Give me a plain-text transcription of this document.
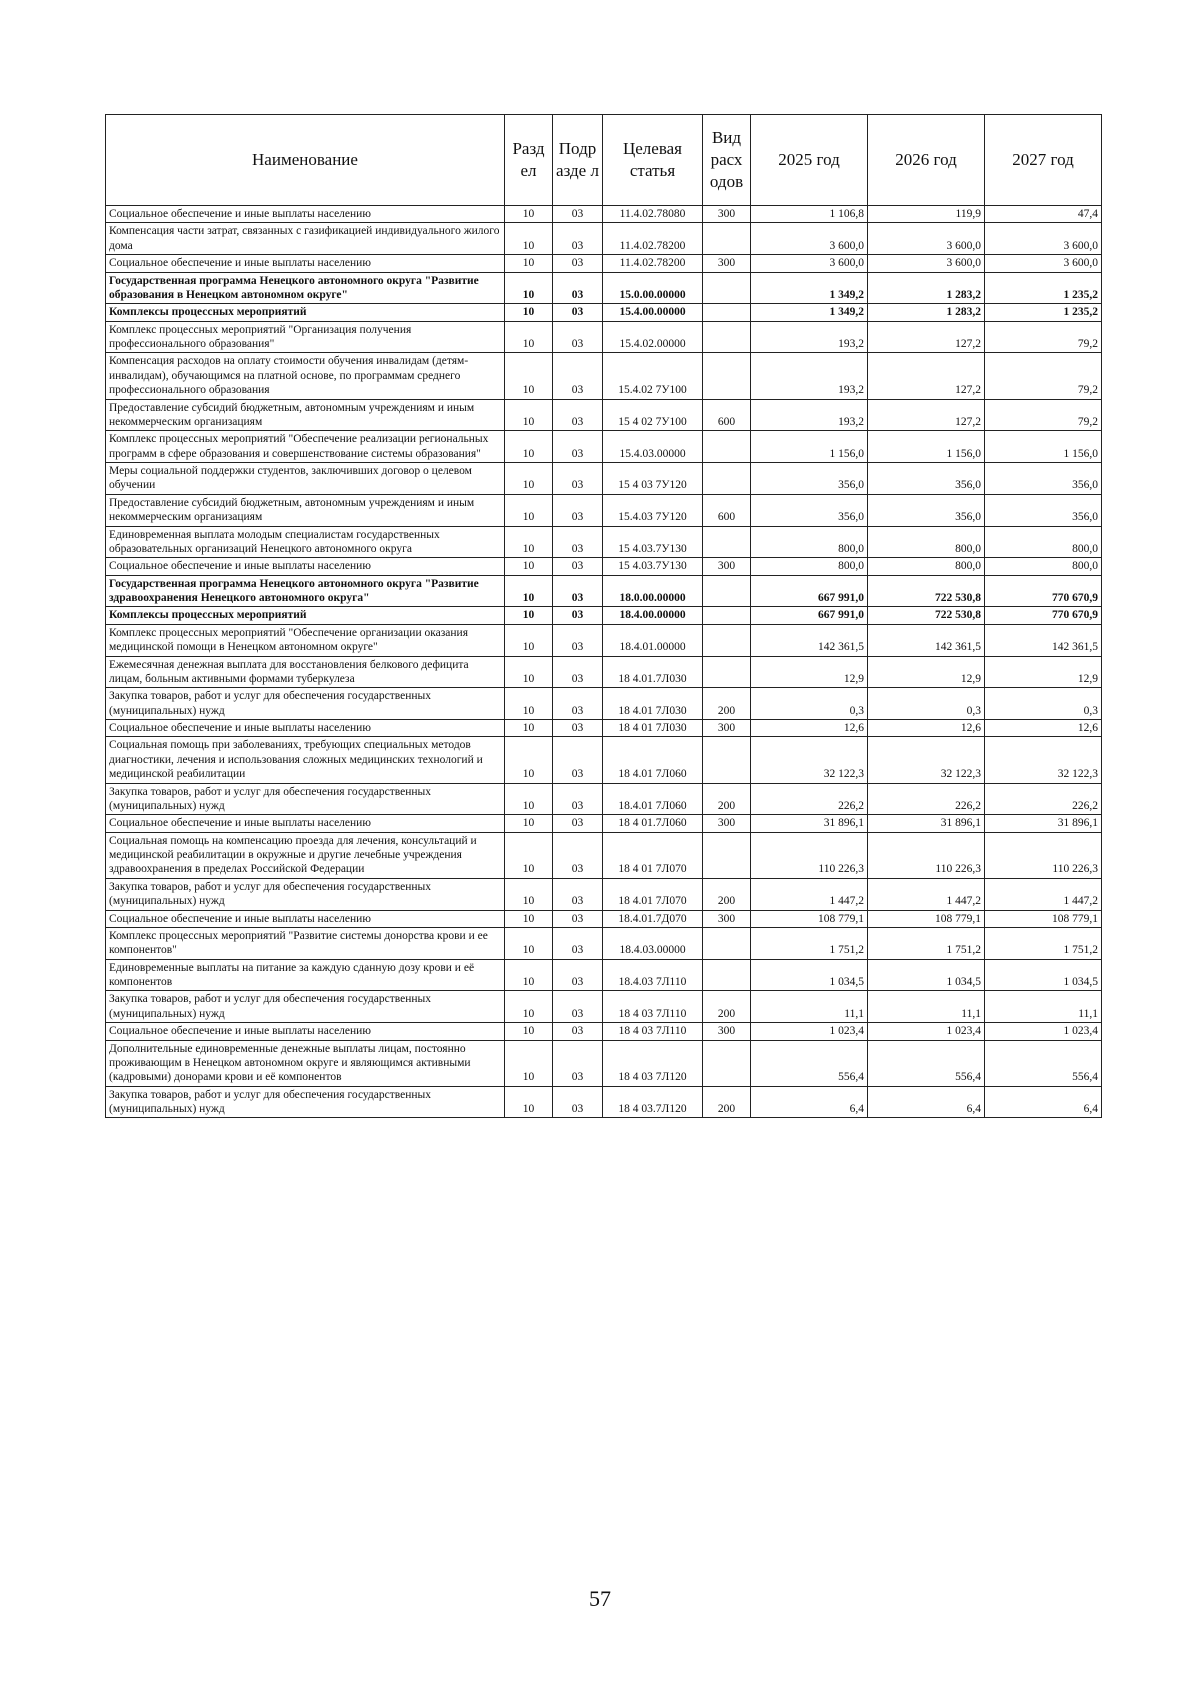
Наименование	Разд ел	Подр азде л	Целевая статья	Вид расх одов	2025 год	2026 год	2027 год
Социальное обеспечение и иные выплаты населению	10	03	11.4.02.78080	300	1 106,8	119,9	47,4
Компенсация части затрат, связанных с газификацией индивидуального жилого дома	10	03	11.4.02.78200		3 600,0	3 600,0	3 600,0
Социальное обеспечение и иные выплаты населению	10	03	11.4.02.78200	300	3 600,0	3 600,0	3 600,0
Государственная программа Ненецкого автономного округа "Развитие образования в Ненецком автономном округе"	10	03	15.0.00.00000		1 349,2	1 283,2	1 235,2
Комплексы процессных мероприятий	10	03	15.4.00.00000		1 349,2	1 283,2	1 235,2
Комплекс процессных мероприятий "Организация получения профессионального образования"	10	03	15.4.02.00000		193,2	127,2	79,2
Компенсация расходов на оплату стоимости обучения инвалидам (детям-инвалидам), обучающимся на платной основе, по программам среднего профессионального образования	10	03	15.4.02 7У100		193,2	127,2	79,2
Предоставление субсидий бюджетным, автономным учреждениям и иным некоммерческим организациям	10	03	15 4 02 7У100	600	193,2	127,2	79,2
Комплекс процессных мероприятий "Обеспечение реализации региональных программ в сфере образования и совершенствование системы образования"	10	03	15.4.03.00000		1 156,0	1 156,0	1 156,0
Меры социальной поддержки студентов, заключивших договор о целевом обучении	10	03	15 4 03 7У120		356,0	356,0	356,0
Предоставление субсидий бюджетным, автономным учреждениям и иным некоммерческим организациям	10	03	15.4.03 7У120	600	356,0	356,0	356,0
Единовременная выплата молодым специалистам государственных образовательных организаций Ненецкого автономного округа	10	03	15 4.03.7У130		800,0	800,0	800,0
Социальное обеспечение и иные выплаты населению	10	03	15 4.03.7У130	300	800,0	800,0	800,0
Государственная программа Ненецкого автономного округа "Развитие здравоохранения Ненецкого автономного округа"	10	03	18.0.00.00000		667 991,0	722 530,8	770 670,9
Комплексы процессных мероприятий	10	03	18.4.00.00000		667 991,0	722 530,8	770 670,9
Комплекс процессных мероприятий "Обеспечение организации оказания медицинской помощи в Ненецком автономном округе"	10	03	18.4.01.00000		142 361,5	142 361,5	142 361,5
Ежемесячная денежная выплата для восстановления белкового дефицита лицам, больным активными формами туберкулеза	10	03	18 4.01.7Л030		12,9	12,9	12,9
Закупка товаров, работ и услуг для обеспечения государственных (муниципальных) нужд	10	03	18 4.01 7Л030	200	0,3	0,3	0,3
Социальное обеспечение и иные выплаты населению	10	03	18 4 01 7Л030	300	12,6	12,6	12,6
Социальная помощь при заболеваниях, требующих специальных методов диагностики, лечения и использования сложных медицинских технологий и медицинской реабилитации	10	03	18 4.01 7Л060		32 122,3	32 122,3	32 122,3
Закупка товаров, работ и услуг для обеспечения государственных (муниципальных) нужд	10	03	18.4.01 7Л060	200	226,2	226,2	226,2
Социальное обеспечение и иные выплаты населению	10	03	18 4 01.7Л060	300	31 896,1	31 896,1	31 896,1
Социальная помощь на компенсацию проезда для лечения, консультаций и медицинской реабилитации в окружные и другие лечебные учреждения здравоохранения в пределах Российской Федерации	10	03	18 4 01 7Л070		110 226,3	110 226,3	110 226,3
Закупка товаров, работ и услуг для обеспечения государственных (муниципальных) нужд	10	03	18 4.01 7Л070	200	1 447,2	1 447,2	1 447,2
Социальное обеспечение и иные выплаты населению	10	03	18.4.01.7Д070	300	108 779,1	108 779,1	108 779,1
Комплекс процессных мероприятий "Развитие системы донорства крови и ее компонентов"	10	03	18.4.03.00000		1 751,2	1 751,2	1 751,2
Единовременные выплаты на питание за каждую сданную дозу крови и её компонентов	10	03	18.4.03 7Л110		1 034,5	1 034,5	1 034,5
Закупка товаров, работ и услуг для обеспечения государственных (муниципальных) нужд	10	03	18 4 03 7Л110	200	11,1	11,1	11,1
Социальное обеспечение и иные выплаты населению	10	03	18 4 03 7Л110	300	1 023,4	1 023,4	1 023,4
Дополнительные единовременные денежные выплаты лицам, постоянно проживающим в Ненецком автономном округе и являющимся активными (кадровыми) донорами крови и её компонентов	10	03	18 4 03 7Л120		556,4	556,4	556,4
Закупка товаров, работ и услуг для обеспечения государственных (муниципальных) нужд	10	03	18 4 03.7Л120	200	6,4	6,4	6,4
57
